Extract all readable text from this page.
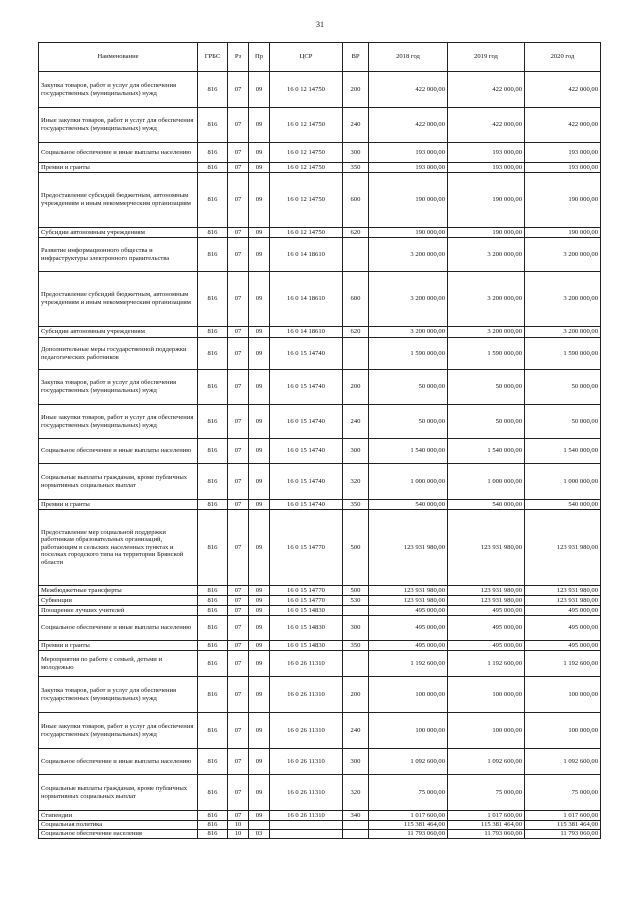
31
Наименование	ГРБС	Рз	Пр	ЦСР	ВР	2018 год	2019 год	2020 год
Закупка товаров, работ и услуг для обеспечения государственных (муниципальных) нужд	816	07	09	16 0 12 14750	200	422 000,00	422 000,00	422 000,00
Иные закупки товаров, работ и услуг для обеспечения государственных (муниципальных) нужд	816	07	09	16 0 12 14750	240	422 000,00	422 000,00	422 000,00
Социальное обеспечение и иные выплаты населению	816	07	09	16 0 12 14750	300	193 000,00	193 000,00	193 000,00
Премии и гранты	816	07	09	16 0 12 14750	350	193 000,00	193 000,00	193 000,00
Предоставление субсидий бюджетным, автономным учреждениям и иным некоммерческим организациям	816	07	09	16 0 12 14750	600	190 000,00	190 000,00	190 000,00
Субсидии автономным учреждениям	816	07	09	16 0 12 14750	620	190 000,00	190 000,00	190 000,00
Развитие информационного общества и инфраструктуры электронного правительства	816	07	09	16 0 14 18610		3 200 000,00	3 200 000,00	3 200 000,00
Предоставление субсидий бюджетным, автономным учреждениям и иным некоммерческим организациям	816	07	09	16 0 14 18610	600	3 200 000,00	3 200 000,00	3 200 000,00
Субсидии автономным учреждениям	816	07	09	16 0 14 18610	620	3 200 000,00	3 200 000,00	3 200 000,00
Дополнительные меры государственной поддержки педагогических работников	816	07	09	16 0 15 14740		1 590 000,00	1 590 000,00	1 590 000,00
Закупка товаров, работ и услуг для обеспечения государственных (муниципальных) нужд	816	07	09	16 0 15 14740	200	50 000,00	50 000,00	50 000,00
Иные закупки товаров, работ и услуг для обеспечения государственных (муниципальных) нужд	816	07	09	16 0 15 14740	240	50 000,00	50 000,00	50 000,00
Социальное обеспечение и иные выплаты населению	816	07	09	16 0 15 14740	300	1 540 000,00	1 540 000,00	1 540 000,00
Социальные выплаты гражданам, кроме публичных нормативных социальных выплат	816	07	09	16 0 15 14740	320	1 000 000,00	1 000 000,00	1 000 000,00
Премии и гранты	816	07	09	16 0 15 14740	350	540 000,00	540 000,00	540 000,00
Предоставление мер социальной поддержки работникам образовательных организаций, работающим в сельских населенных пунктах и поселках городского типа на территории Брянской области	816	07	09	16 0 15 14770	500	123 931 980,00	123 931 980,00	123 931 980,00
Межбюджетные трансферты	816	07	09	16 0 15 14770	500	123 931 980,00	123 931 980,00	123 931 980,00
Субвенции	816	07	09	16 0 15 14770	530	123 931 980,00	123 931 980,00	123 931 980,00
Поощрение лучших учителей	816	07	09	16 0 15 14830		495 000,00	495 000,00	495 000,00
Социальное обеспечение и иные выплаты населению	816	07	09	16 0 15 14830	300	495 000,00	495 000,00	495 000,00
Премии и гранты	816	07	09	16 0 15 14830	350	495 000,00	495 000,00	495 000,00
Мероприятия по работе с семьей, детьми и молодежью	816	07	09	16 0 26 11310		1 192 600,00	1 192 600,00	1 192 600,00
Закупка товаров, работ и услуг для обеспечения государственных (муниципальных) нужд	816	07	09	16 0 26 11310	200	100 000,00	100 000,00	100 000,00
Иные закупки товаров, работ и услуг для обеспечения государственных (муниципальных) нужд	816	07	09	16 0 26 11310	240	100 000,00	100 000,00	100 000,00
Социальное обеспечение и иные выплаты населению	816	07	09	16 0 26 11310	300	1 092 600,00	1 092 600,00	1 092 600,00
Социальные выплаты гражданам, кроме публичных нормативных социальных выплат	816	07	09	16 0 26 11310	320	75 000,00	75 000,00	75 000,00
Стипендии	816	07	09	16 0 26 11310	340	1 017 600,00	1 017 600,00	1 017 600,00
Социальная политика	816	10				115 381 464,00	115 381 464,00	115 381 464,00
Социальное обеспечение населения	816	10	03			11 793 060,00	11 793 060,00	11 793 060,00
